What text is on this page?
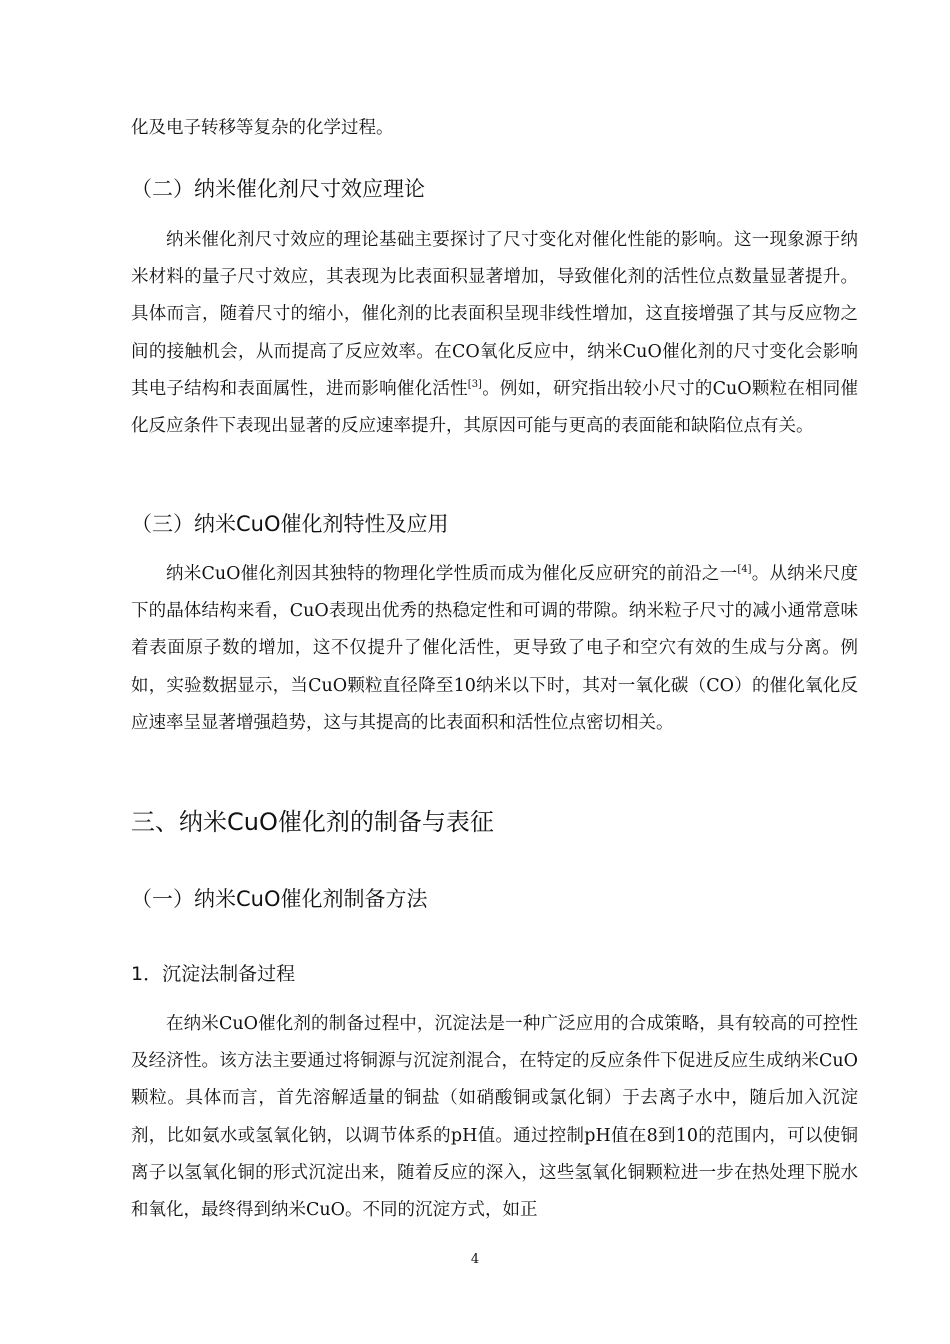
化及电子转移等复杂的化学过程。
（二）纳米催化剂尺寸效应理论

纳米催化剂尺寸效应的理论基础主要探讨了尺寸变化对催化性能的影响。这一现象源于纳米材料的量子尺寸效应，其表现为比表面积显著增加，导致催化剂的活性位点数量显著提升。具体而言，随着尺寸的缩小，催化剂的比表面积呈现非线性增加，这直接增强了其与反应物之间的接触机会，从而提高了反应效率。在CO氧化反应中，纳米CuO催化剂的尺寸变化会影响其电子结构和表面属性，进而影响催化活性[3]。例如，研究指出较小尺寸的CuO颗粒在相同催化反应条件下表现出显著的反应速率提升，其原因可能与更高的表面能和缺陷位点有关。

（三）纳米CuO催化剂特性及应用

纳米CuO催化剂因其独特的物理化学性质而成为催化反应研究的前沿之一[4]。从纳米尺度下的晶体结构来看，CuO表现出优秀的热稳定性和可调的带隙。纳米粒子尺寸的减小通常意味着表面原子数的增加，这不仅提升了催化活性，更导致了电子和空穴有效的生成与分离。例如，实验数据显示，当CuO颗粒直径降至10纳米以下时，其对一氧化碳（CO）的催化氧化反应速率呈显著增强趋势，这与其提高的比表面积和活性位点密切相关。

三、纳米CuO催化剂的制备与表征
（一）纳米CuO催化剂制备方法
1．沉淀法制备过程

在纳米CuO催化剂的制备过程中，沉淀法是一种广泛应用的合成策略，具有较高的可控性及经济性。该方法主要通过将铜源与沉淀剂混合，在特定的反应条件下促进反应生成纳米CuO颗粒。具体而言，首先溶解适量的铜盐（如硝酸铜或氯化铜）于去离子水中，随后加入沉淀剂，比如氨水或氢氧化钠，以调节体系的pH值。通过控制pH值在8到10的范围内，可以使铜离子以氢氧化铜的形式沉淀出来，随着反应的深入，这些氢氧化铜颗粒进一步在热处理下脱水和氧化，最终得到纳米CuO。不同的沉淀方式，如正

4
